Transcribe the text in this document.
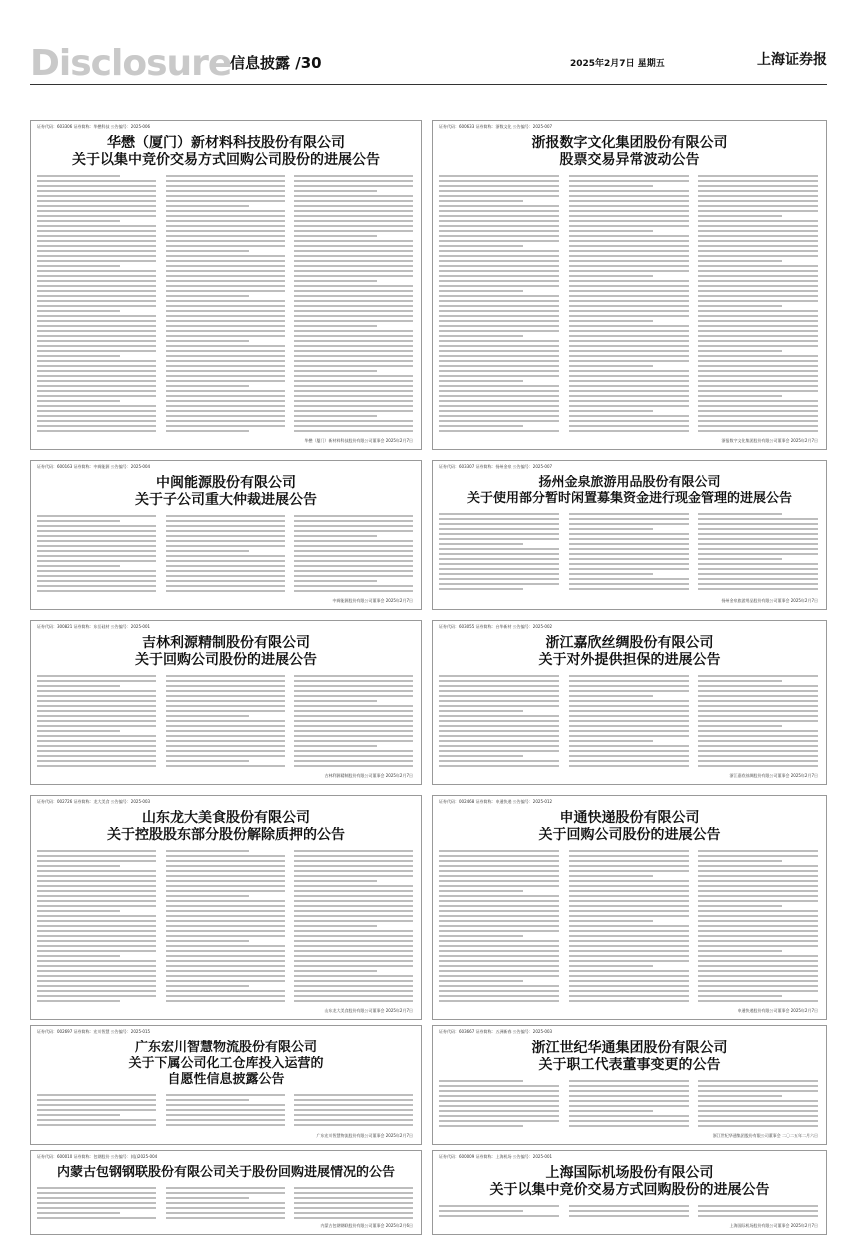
Disclosure
信息披露 /30	2025年2月7日 星期五	上海证券报
证券代码：603306 证券简称：华懋科技 公告编号：2025-006
华懋（厦门）新材料科技股份有限公司
关于以集中竞价交易方式回购公司股份的进展公告
华懋（厦门）新材料科技股份有限公司董事会 2025年2月7日
证券代码：600633 证券简称：浙数文化 公告编号：2025-007
浙报数字文化集团股份有限公司
股票交易异常波动公告
浙报数字文化集团股份有限公司董事会 2025年2月7日
证券代码：600163 证券简称：中闽能源 公告编号：2025-004
中闽能源股份有限公司
关于子公司重大仲裁进展公告
中闽能源股份有限公司董事会 2025年2月7日
证券代码：603307 证券简称：扬州金泉 公告编号：2025-007
扬州金泉旅游用品股份有限公司
关于使用部分暂时闲置募集资金进行现金管理的进展公告
扬州金泉旅游用品股份有限公司董事会 2025年2月7日
证券代码：300821 证券简称：东岳硅材 公告编号：2025-001
吉林利源精制股份有限公司
关于回购公司股份的进展公告
吉林利源精制股份有限公司董事会 2025年2月7日
证券代码：603055 证券简称：台华新材 公告编号：2025-002
浙江嘉欣丝绸股份有限公司
关于对外提供担保的进展公告
浙江嘉欣丝绸股份有限公司董事会 2025年2月7日
证券代码：002726 证券简称：龙大美食 公告编号：2025-003
山东龙大美食股份有限公司
关于控股股东部分股份解除质押的公告
山东龙大美食股份有限公司董事会 2025年2月7日
证券代码：002468 证券简称：申通快递 公告编号：2025-012
申通快递股份有限公司
关于回购公司股份的进展公告
申通快递股份有限公司董事会 2025年2月7日
证券代码：002697 证券简称：宏川智慧 公告编号：2025-015
广东宏川智慧物流股份有限公司
关于下属公司化工仓库投入运营的
自愿性信息披露公告
广东宏川智慧物流股份有限公司董事会 2025年2月7日
证券代码：603667 证券简称：五洲新春 公告编号：2025-003
浙江世纪华通集团股份有限公司
关于职工代表董事变更的公告
浙江世纪华通集团股份有限公司董事会 二〇二五年二月六日
证券代码：600010 证券简称：包钢股份 公告编号：(临)2025-004
内蒙古包钢钢联股份有限公司关于股份回购进展情况的公告
内蒙古包钢钢联股份有限公司董事会 2025年2月6日
证券代码：600009 证券简称：上海机场 公告编号：2025-001
上海国际机场股份有限公司
关于以集中竞价交易方式回购股份的进展公告
上海国际机场股份有限公司董事会 2025年2月7日
